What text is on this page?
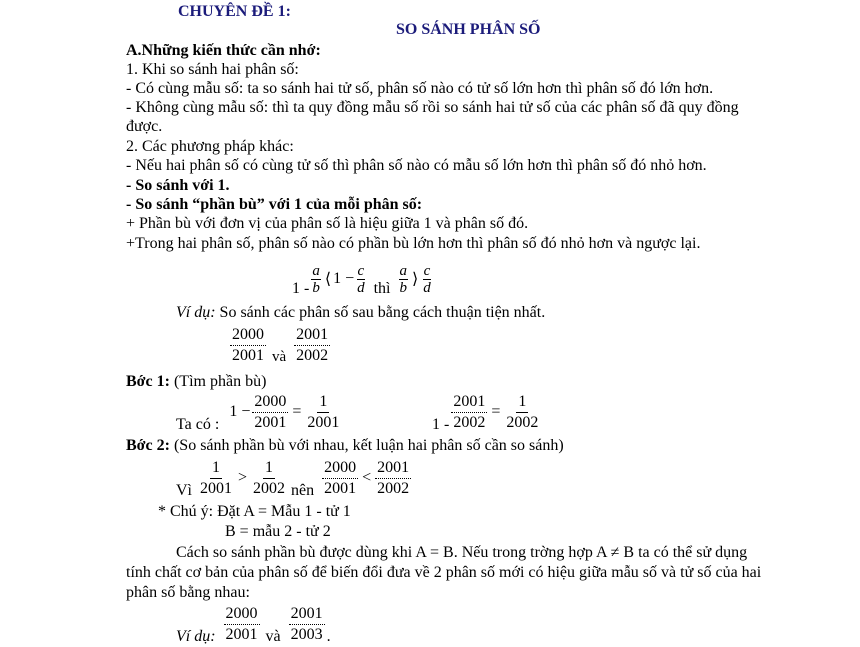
CHUYÊN ĐỀ 1:
SO SÁNH PHÂN SỐ
A.Những kiến thức cần nhớ:
1. Khi so sánh hai phân số:
- Có cùng mẫu số: ta so sánh hai tử số, phân số nào có tử số lớn hơn thì phân số đó lớn hơn.
- Không cùng mẫu số: thì ta quy đồng mẫu số rồi so sánh hai tử số của các phân số đã quy đồng
được.
2. Các phương pháp khác:
- Nếu hai phân số có cùng tử số thì phân số nào có mẫu số lớn hơn thì phân số đó nhỏ hơn.
- So sánh với 1.
- So sánh “phần bù” với 1 của mỗi phân số:
+ Phần bù với đơn vị của phân số là hiệu giữa 1 và phân số đó.
+Trong hai phân số, phân số nào có phần bù lớn hơn thì phân số đó nhỏ hơn và ngược lại.
$1 - \frac{a}{b}$ ⟨ $1 - \frac{c}{d}$ thì $\frac{a}{b}$ ⟩ $\frac{c}{d}$
Ví dụ: So sánh các phân số sau bằng cách thuận tiện nhất.
$\frac{2000}{2001}$ và $\frac{2001}{2002}$
Bớc 1: (Tìm phần bù)
Ta có :
$1 - \frac{2000}{2001} = \frac{1}{2001}$	$1 - \frac{2001}{2002} = \frac{1}{2002}$
Bớc 2: (So sánh phần bù với nhau, kết luận hai phân số cần so sánh)
Vì $\frac{1}{2001} > \frac{1}{2002}$ nên $\frac{2000}{2001} < \frac{2001}{2002}$
* Chú ý: Đặt A = Mẫu 1 - tử 1
B = mẫu 2 - tử 2
Cách so sánh phần bù được dùng khi A = B. Nếu trong trờng hợp A ≠ B ta có thể sử dụng
tính chất cơ bản của phân số để biến đổi đưa về 2 phân số mới có hiệu giữa mẫu số và tử số của hai
phân số bằng nhau:
Ví dụ: $\frac{2000}{2001}$ và $\frac{2001}{2003}$ .
